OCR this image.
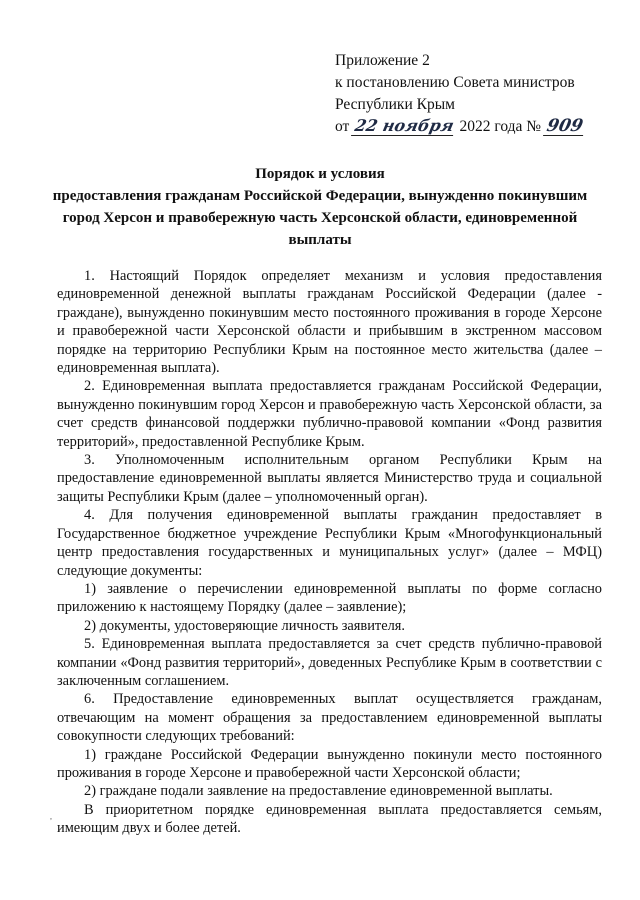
Приложение 2
к постановлению Совета министров
Республики Крым
от 22 ноября 2022 года № 909
Порядок и условия
предоставления гражданам Российской Федерации, вынужденно покинувшим
город Херсон и правобережную часть Херсонской области, единовременной
выплаты

1. Настоящий Порядок определяет механизм и условия предоставления единовременной денежной выплаты гражданам Российской Федерации (далее - граждане), вынужденно покинувшим место постоянного проживания в городе Херсоне и правобережной части Херсонской области и прибывшим в экстренном массовом порядке на территорию Республики Крым на постоянное место жительства (далее – единовременная выплата).

2. Единовременная выплата предоставляется гражданам Российской Федерации, вынужденно покинувшим город Херсон и правобережную часть Херсонской области, за счет средств финансовой поддержки публично-правовой компании «Фонд развития территорий», предоставленной Республике Крым.

3. Уполномоченным исполнительным органом Республики Крым на предоставление единовременной выплаты является Министерство труда и социальной защиты Республики Крым (далее – уполномоченный орган).

4. Для получения единовременной выплаты гражданин предоставляет в Государственное бюджетное учреждение Республики Крым «Многофункциональный центр предоставления государственных и муниципальных услуг» (далее – МФЦ) следующие документы:

1) заявление о перечислении единовременной выплаты по форме согласно приложению к настоящему Порядку (далее – заявление);

2) документы, удостоверяющие личность заявителя.

5. Единовременная выплата предоставляется за счет средств публично-правовой компании «Фонд развития территорий», доведенных Республике Крым в соответствии с заключенным соглашением.

6. Предоставление единовременных выплат осуществляется гражданам, отвечающим на момент обращения за предоставлением единовременной выплаты совокупности следующих требований:

1) граждане Российской Федерации вынужденно покинули место постоянного проживания в городе Херсоне и правобережной части Херсонской области;

2) граждане подали заявление на предоставление единовременной выплаты.

В приоритетном порядке единовременная выплата предоставляется семьям, имеющим двух и более детей.

,
